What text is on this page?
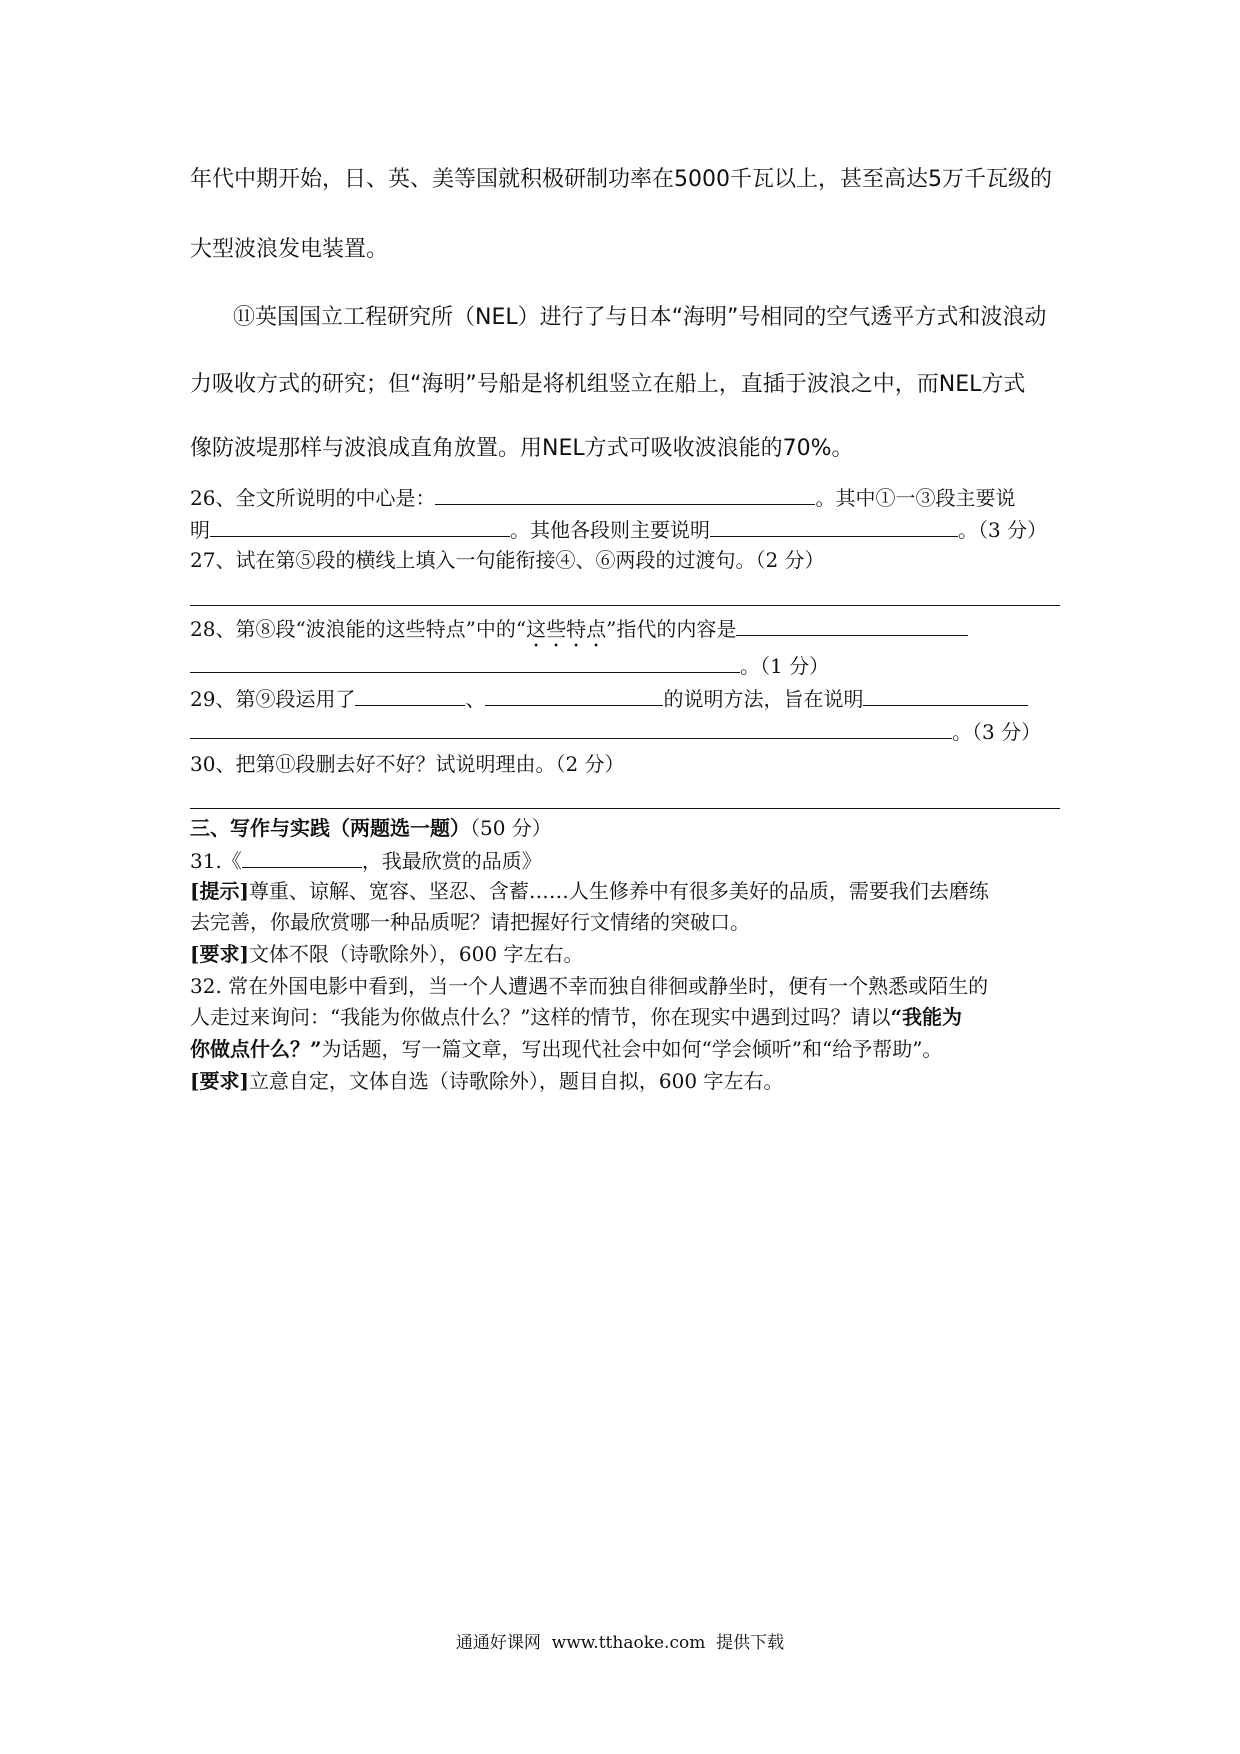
年代中期开始，日、英、美等国就积极研制功率在5000千瓦以上，甚至高达5万千瓦级的
大型波浪发电装置。
⑪英国国立工程研究所（NEL）进行了与日本“海明”号相同的空气透平方式和波浪动
力吸收方式的研究；但“海明”号船是将机组竖立在船上，直插于波浪之中，而NEL方式
像防波堤那样与波浪成直角放置。用NEL方式可吸收波浪能的70%。
26、全文所说明的中心是：	。其中①一③段主要说
明	。其他各段则主要说明	。（3 分）
27、试在第⑤段的横线上填入一句能衔接④、⑥两段的过渡句。（2 分）
28、第⑧段“波浪能的这些特点”中的“这些特点”指代的内容是
。（1 分）
29、第⑨段运用了	、	的说明方法，旨在说明
。（3 分）
30、把第⑪段删去好不好？试说明理由。（2 分）
三、写作与实践（两题选一题）（50 分）
31.《	，我最欣赏的品质》
[提示]尊重、谅解、宽容、坚忍、含蓄……人生修养中有很多美好的品质，需要我们去磨练
去完善，你最欣赏哪一种品质呢？请把握好行文情绪的突破口。
[要求]文体不限（诗歌除外），600 字左右。
32. 常在外国电影中看到，当一个人遭遇不幸而独自徘徊或静坐时，便有一个熟悉或陌生的
人走过来询问：“我能为你做点什么？”这样的情节，你在现实中遇到过吗？请以“我能为
你做点什么？”为话题，写一篇文章，写出现代社会中如何“学会倾听”和“给予帮助”。
[要求]立意自定，文体自选（诗歌除外），题目自拟，600 字左右。
通通好课网  www.tthaoke.com  提供下载
